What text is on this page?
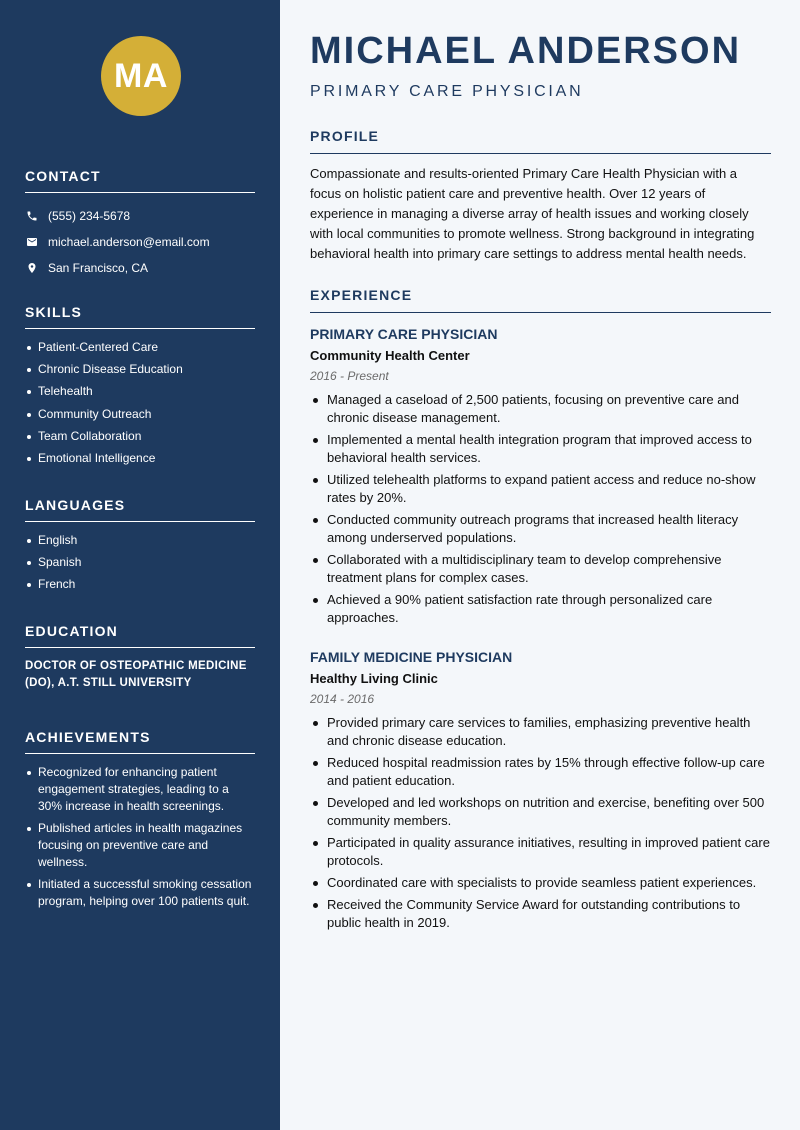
MA
CONTACT
(555) 234-5678
michael.anderson@email.com
San Francisco, CA
SKILLS
Patient-Centered Care
Chronic Disease Education
Telehealth
Community Outreach
Team Collaboration
Emotional Intelligence
LANGUAGES
English
Spanish
French
EDUCATION
DOCTOR OF OSTEOPATHIC MEDICINE
(DO), A.T. STILL UNIVERSITY
ACHIEVEMENTS
Recognized for enhancing patient engagement strategies, leading to a 30% increase in health screenings.
Published articles in health magazines focusing on preventive care and wellness.
Initiated a successful smoking cessation program, helping over 100 patients quit.
MICHAEL ANDERSON
PRIMARY CARE PHYSICIAN
PROFILE

Compassionate and results-oriented Primary Care Health Physician with a focus on holistic patient care and preventive health. Over 12 years of experience in managing a diverse array of health issues and working closely with local communities to promote wellness. Strong background in integrating behavioral health into primary care settings to address mental health needs.

EXPERIENCE
PRIMARY CARE PHYSICIAN
Community Health Center
2016 - Present
Managed a caseload of 2,500 patients, focusing on preventive care and chronic disease management.
Implemented a mental health integration program that improved access to behavioral health services.
Utilized telehealth platforms to expand patient access and reduce no-show rates by 20%.
Conducted community outreach programs that increased health literacy among underserved populations.
Collaborated with a multidisciplinary team to develop comprehensive treatment plans for complex cases.
Achieved a 90% patient satisfaction rate through personalized care approaches.
FAMILY MEDICINE PHYSICIAN
Healthy Living Clinic
2014 - 2016
Provided primary care services to families, emphasizing preventive health and chronic disease education.
Reduced hospital readmission rates by 15% through effective follow-up care and patient education.
Developed and led workshops on nutrition and exercise, benefiting over 500 community members.
Participated in quality assurance initiatives, resulting in improved patient care protocols.
Coordinated care with specialists to provide seamless patient experiences.
Received the Community Service Award for outstanding contributions to public health in 2019.
